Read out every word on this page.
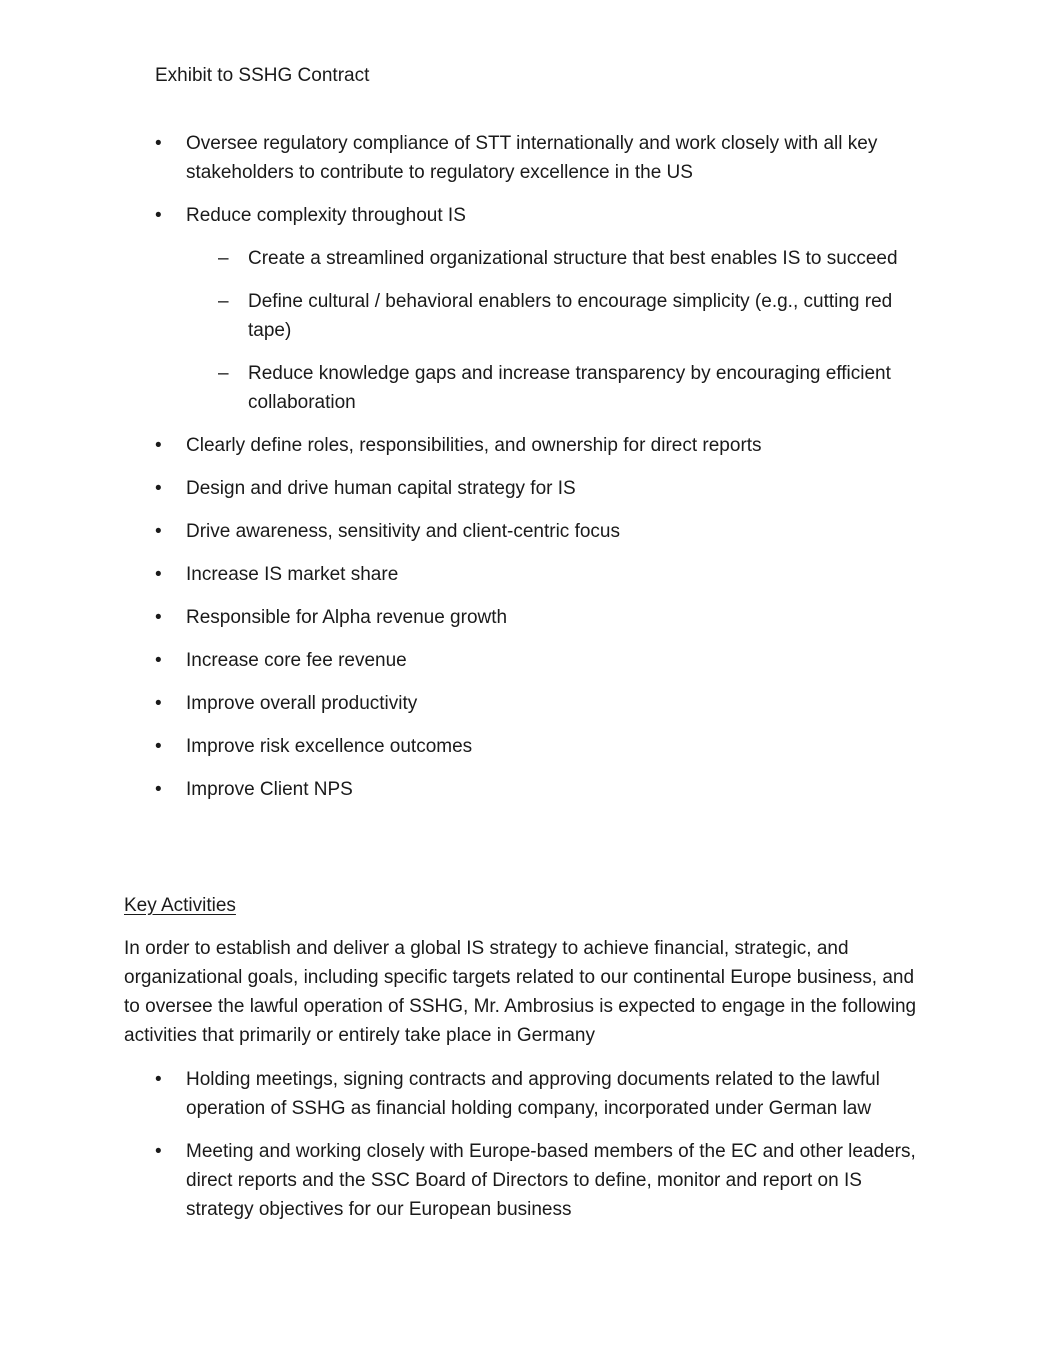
Exhibit to SSHG Contract

• Oversee regulatory compliance of STT internationally and work closely with all key stakeholders to contribute to regulatory excellence in the US
• Reduce complexity throughout IS
– Create a streamlined organizational structure that best enables IS to succeed
– Define cultural / behavioral enablers to encourage simplicity (e.g., cutting red tape)
– Reduce knowledge gaps and increase transparency by encouraging efficient collaboration
• Clearly define roles, responsibilities, and ownership for direct reports
• Design and drive human capital strategy for IS
• Drive awareness, sensitivity and client-centric focus
• Increase IS market share
• Responsible for Alpha revenue growth
• Increase core fee revenue
• Improve overall productivity
• Improve risk excellence outcomes
• Improve Client NPS

Key Activities

In order to establish and deliver a global IS strategy to achieve financial, strategic, and organizational goals, including specific targets related to our continental Europe business, and to oversee the lawful operation of SSHG, Mr. Ambrosius is expected to engage in the following activities that primarily or entirely take place in Germany

• Holding meetings, signing contracts and approving documents related to the lawful operation of SSHG as financial holding company, incorporated under German law
• Meeting and working closely with Europe-based members of the EC and other leaders, direct reports and the SSC Board of Directors to define, monitor and report on IS strategy objectives for our European business
